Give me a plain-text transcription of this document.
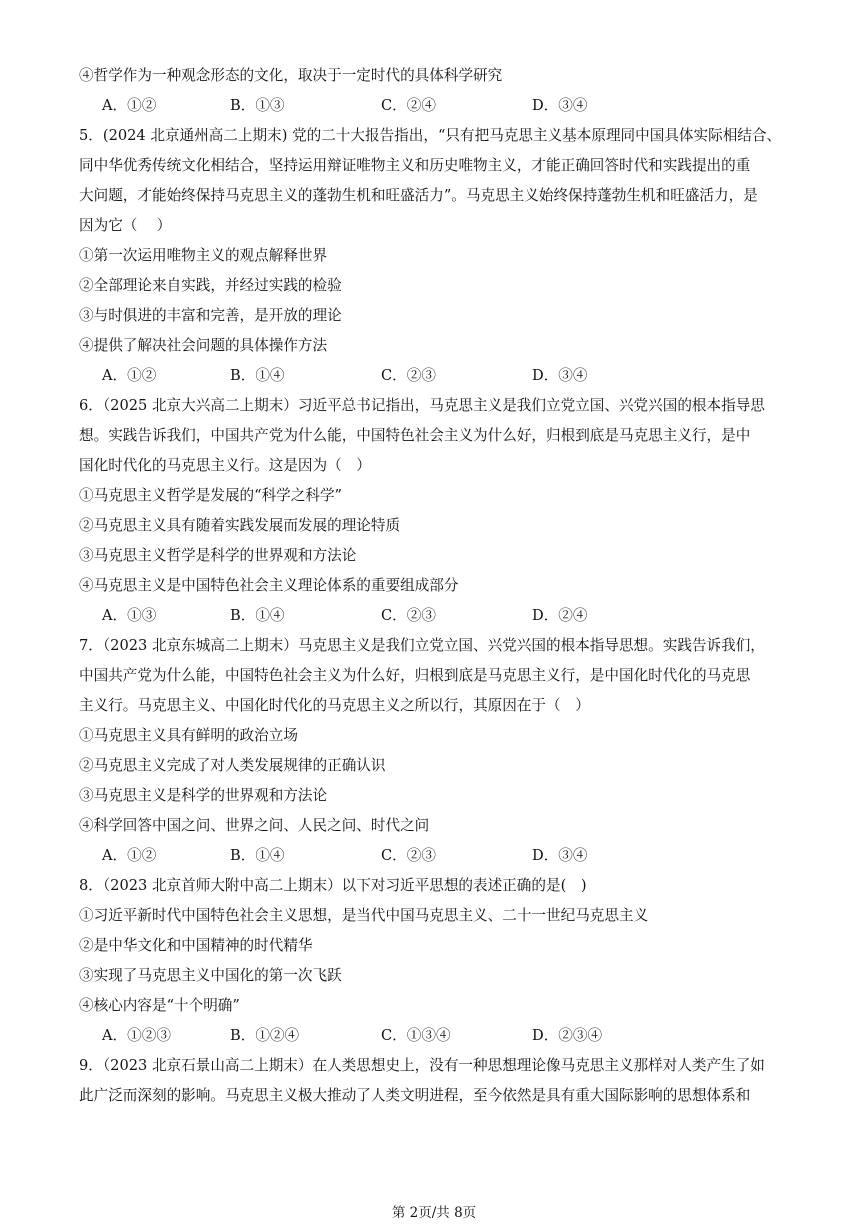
④哲学作为一种观念形态的文化，取决于一定时代的具体科学研究
A．①②	B．①③	C．②④	D．③④
5．(2024 北京通州高二上期末) 党的二十大报告指出，“只有把马克思主义基本原理同中国具体实际相结合、
同中华优秀传统文化相结合，坚持运用辩证唯物主义和历史唯物主义，才能正确回答时代和实践提出的重
大问题，才能始终保持马克思主义的蓬勃生机和旺盛活力”。马克思主义始终保持蓬勃生机和旺盛活力，是
因为它（　 ）
①第一次运用唯物主义的观点解释世界
②全部理论来自实践，并经过实践的检验
③与时俱进的丰富和完善，是开放的理论
④提供了解决社会问题的具体操作方法
A．①②	B．①④	C．②③	D．③④
6．（2025 北京大兴高二上期末）习近平总书记指出，马克思主义是我们立党立国、兴党兴国的根本指导思
想。实践告诉我们，中国共产党为什么能，中国特色社会主义为什么好，归根到底是马克思主义行，是中
国化时代化的马克思主义行。这是因为（　）
①马克思主义哲学是发展的“科学之科学”
②马克思主义具有随着实践发展而发展的理论特质
③马克思主义哲学是科学的世界观和方法论
④马克思主义是中国特色社会主义理论体系的重要组成部分
A．①③	B．①④	C．②③	D．②④
7．（2023 北京东城高二上期末）马克思主义是我们立党立国、兴党兴国的根本指导思想。实践告诉我们，
中国共产党为什么能，中国特色社会主义为什么好，归根到底是马克思主义行，是中国化时代化的马克思
主义行。马克思主义、中国化时代化的马克思主义之所以行，其原因在于（　）
①马克思主义具有鲜明的政治立场
②马克思主义完成了对人类发展规律的正确认识
③马克思主义是科学的世界观和方法论
④科学回答中国之问、世界之问、人民之问、时代之问
A．①②	B．①④	C．②③	D．③④
8．（2023 北京首师大附中高二上期末）以下对习近平思想的表述正确的是(　)
①习近平新时代中国特色社会主义思想，是当代中国马克思主义、二十一世纪马克思主义
②是中华文化和中国精神的时代精华
③实现了马克思主义中国化的第一次飞跃
④核心内容是“十个明确”
A．①②③	B．①②④	C．①③④	D．②③④
9．（2023 北京石景山高二上期末）在人类思想史上，没有一种思想理论像马克思主义那样对人类产生了如
此广泛而深刻的影响。马克思主义极大推动了人类文明进程，至今依然是具有重大国际影响的思想体系和
第 2页/共 8页
